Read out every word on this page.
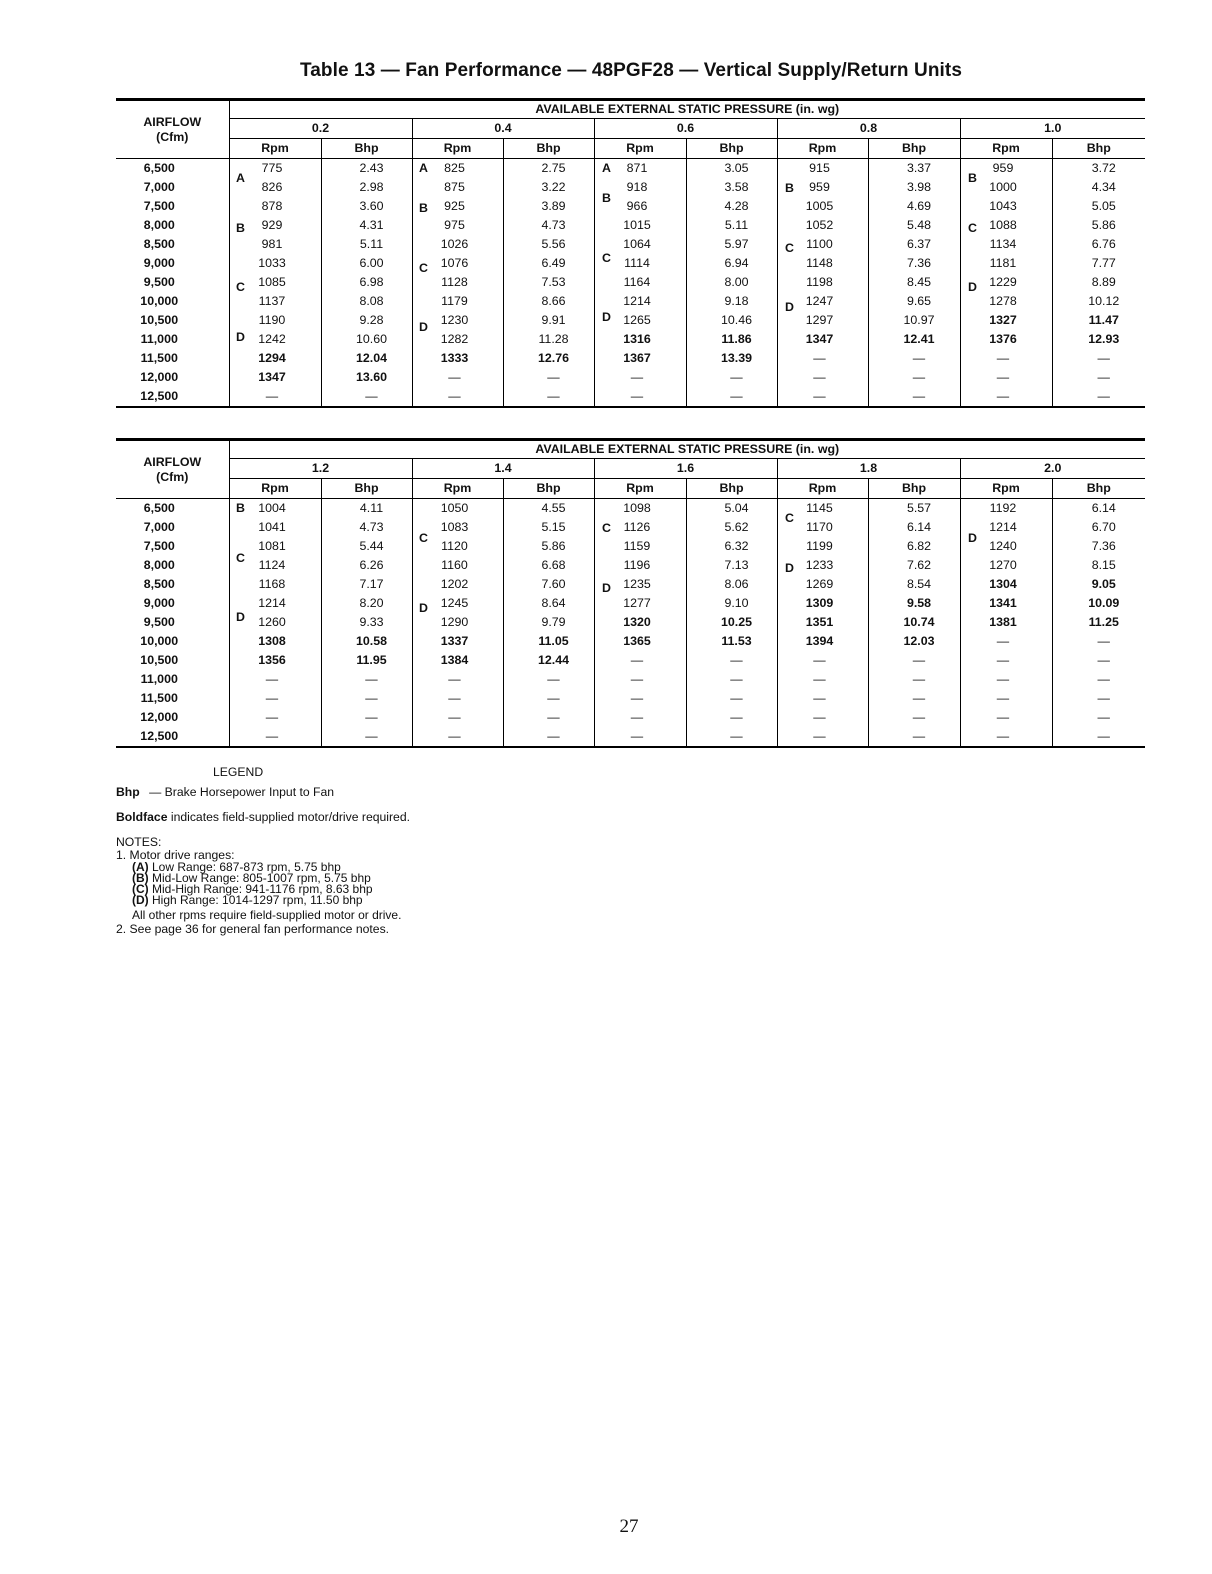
Table 13 — Fan Performance — 48PGF28 — Vertical Supply/Return Units

AIRFLOW
(Cfm)	AVAILABLE EXTERNAL STATIC PRESSURE (in. wg)									
	0.2		0.4		0.6		0.8		1.0	
	Rpm	Bhp	Rpm	Bhp	Rpm	Bhp	Rpm	Bhp	Rpm	Bhp
6,500	775	2.43	825	2.75	871	3.05	915	3.37	959	3.72
7,000	826	2.98	875	3.22	918	3.58	959	3.98	1000	4.34
7,500	878	3.60	925	3.89	966	4.28	1005	4.69	1043	5.05
8,000	929	4.31	975	4.73	1015	5.11	1052	5.48	1088	5.86
8,500	981	5.11	1026	5.56	1064	5.97	1100	6.37	1134	6.76
9,000	1033	6.00	1076	6.49	1114	6.94	1148	7.36	1181	7.77
9,500	1085	6.98	1128	7.53	1164	8.00	1198	8.45	1229	8.89
10,000	1137	8.08	1179	8.66	1214	9.18	1247	9.65	1278	10.12
10,500	1190	9.28	1230	9.91	1265	10.46	1297	10.97	1327	11.47
11,000	1242	10.60	1282	11.28	1316	11.86	1347	12.41	1376	12.93
11,500	1294	12.04	1333	12.76	1367	13.39	—	—	—	—
12,000	1347	13.60	—	—	—	—	—	—	—	—
12,500	—	—	—	—	—	—	—	—	—	—

AIRFLOW
(Cfm)	AVAILABLE EXTERNAL STATIC PRESSURE (in. wg)									
	1.2		1.4		1.6		1.8		2.0	
	Rpm	Bhp	Rpm	Bhp	Rpm	Bhp	Rpm	Bhp	Rpm	Bhp
6,500	1004	4.11	1050	4.55	1098	5.04	1145	5.57	1192	6.14
7,000	1041	4.73	1083	5.15	1126	5.62	1170	6.14	1214	6.70
7,500	1081	5.44	1120	5.86	1159	6.32	1199	6.82	1240	7.36
8,000	1124	6.26	1160	6.68	1196	7.13	1233	7.62	1270	8.15
8,500	1168	7.17	1202	7.60	1235	8.06	1269	8.54	1304	9.05
9,000	1214	8.20	1245	8.64	1277	9.10	1309	9.58	1341	10.09
9,500	1260	9.33	1290	9.79	1320	10.25	1351	10.74	1381	11.25
10,000	1308	10.58	1337	11.05	1365	11.53	1394	12.03	—	—
10,500	1356	11.95	1384	12.44	—	—	—	—	—	—
11,000	—	—	—	—	—	—	—	—	—	—
11,500	—	—	—	—	—	—	—	—	—	—
12,000	—	—	—	—	—	—	—	—	—	—
12,500	—	—	—	—	—	—	—	—	—	—
LEGEND
Bhp — Brake Horsepower Input to Fan
Boldface indicates field-supplied motor/drive required.
NOTES:
1. Motor drive ranges:
(A) Low Range: 687-873 rpm, 5.75 bhp
(B) Mid-Low Range: 805-1007 rpm, 5.75 bhp
(C) Mid-High Range: 941-1176 rpm, 8.63 bhp
(D) High Range: 1014-1297 rpm, 11.50 bhp
All other rpms require field-supplied motor or drive.
2. See page 36 for general fan performance notes.
27
A
B
C
D
A
B
C
D
A
B
C
D
B
C
D
B
C
D
B
C
D
C
D
C
D
C
D
D
